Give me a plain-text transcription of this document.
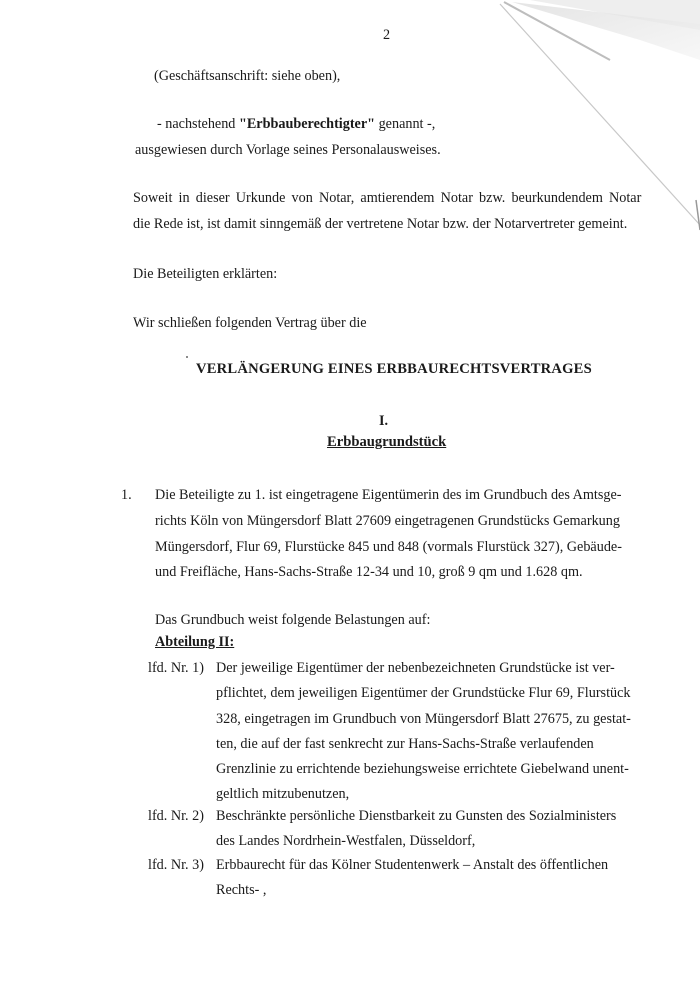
2
(Geschäftsanschrift: siehe oben),
- nachstehend "Erbbauberechtigter" genannt -,
ausgewiesen durch Vorlage seines Personalausweises.
Soweit in dieser Urkunde von Notar, amtierendem Notar bzw. beurkundendem Notar
die Rede ist, ist damit sinngemäß der vertretene Notar bzw. der Notarvertreter gemeint.
Die Beteiligten erklärten:
Wir schließen folgenden Vertrag über die
VERLÄNGERUNG EINES ERBBAURECHTSVERTRAGES
I.
Erbbaugrundstück
1. Die Beteiligte zu 1. ist eingetragene Eigentümerin des im Grundbuch des Amtsge-
richts Köln von Müngersdorf Blatt 27609 eingetragenen Grundstücks Gemarkung
Müngersdorf, Flur 69, Flurstücke 845 und 848 (vormals Flurstück 327), Gebäude-
und Freifläche, Hans-Sachs-Straße 12-34 und 10, groß 9 qm und 1.628 qm.
Das Grundbuch weist folgende Belastungen auf:
Abteilung II:
lfd. Nr. 1) Der jeweilige Eigentümer der nebenbezeichneten Grundstücke ist ver-
pflichtet, dem jeweiligen Eigentümer der Grundstücke Flur 69, Flurstück
328, eingetragen im Grundbuch von Müngersdorf Blatt 27675, zu gestat-
ten, die auf der fast senkrecht zur Hans-Sachs-Straße verlaufenden
Grenzlinie zu errichtende beziehungsweise errichtete Giebelwand unent-
geltlich mitzubenutzen,
lfd. Nr. 2) Beschränkte persönliche Dienstbarkeit zu Gunsten des Sozialministers
des Landes Nordrhein-Westfalen, Düsseldorf,
lfd. Nr. 3) Erbbaurecht für das Kölner Studentenwerk – Anstalt des öffentlichen
Rechts- ,
